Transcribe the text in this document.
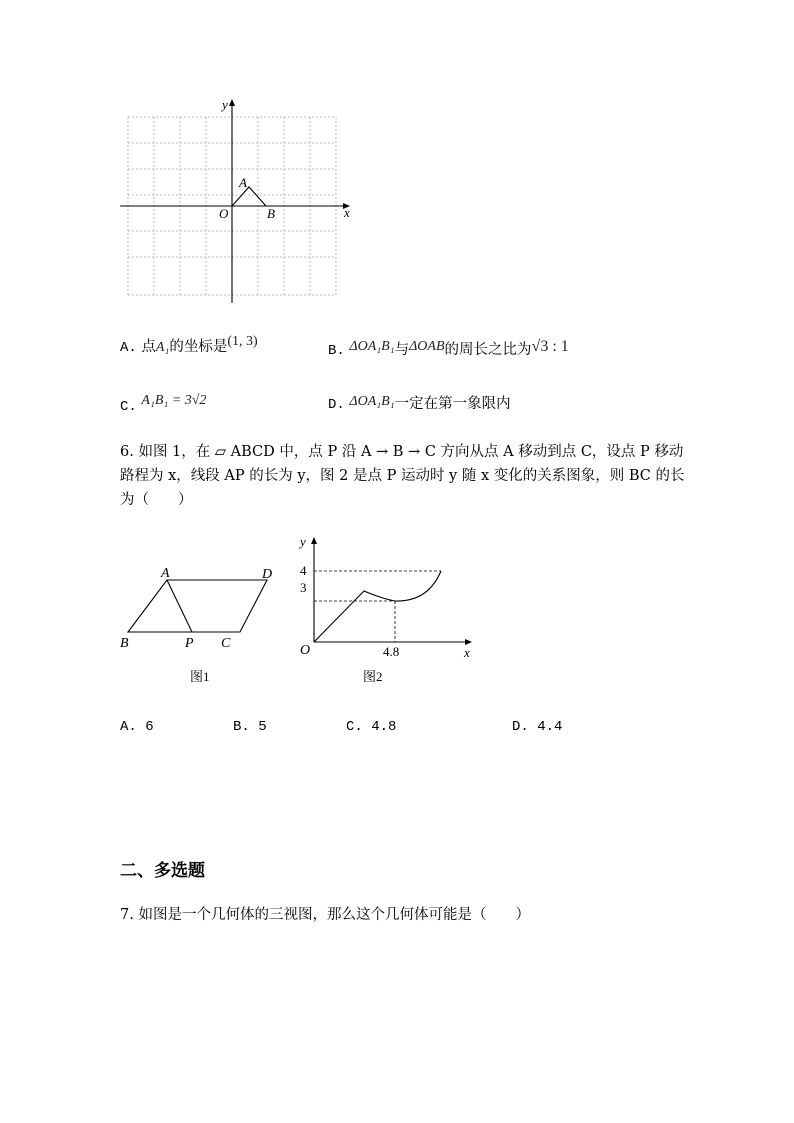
x
y
O
A
B
A. 点A₁的坐标是(1, 3)
B. ΔOA₁B₁与ΔOAB的周长之比为√3 : 1
C. A₁B₁ = 3√2	D. ΔOA₁B₁一定在第一象限内
6. 如图 1，在 ▱ ABCD 中，点 P 沿 A → B → C 方向从点 A 移动到点 C，设点 P 移动
路程为 x，线段 AP 的长为 y，图 2 是点 P 运动时 y 随 x 变化的关系图象，则 BC 的长
为（　　）
A	D
B	P C
图1
y
x
O
4
3
4.8
图2
A. 6	B. 5	C. 4.8	D. 4.4
二、多选题
7. 如图是一个几何体的三视图，那么这个几何体可能是（　　）
